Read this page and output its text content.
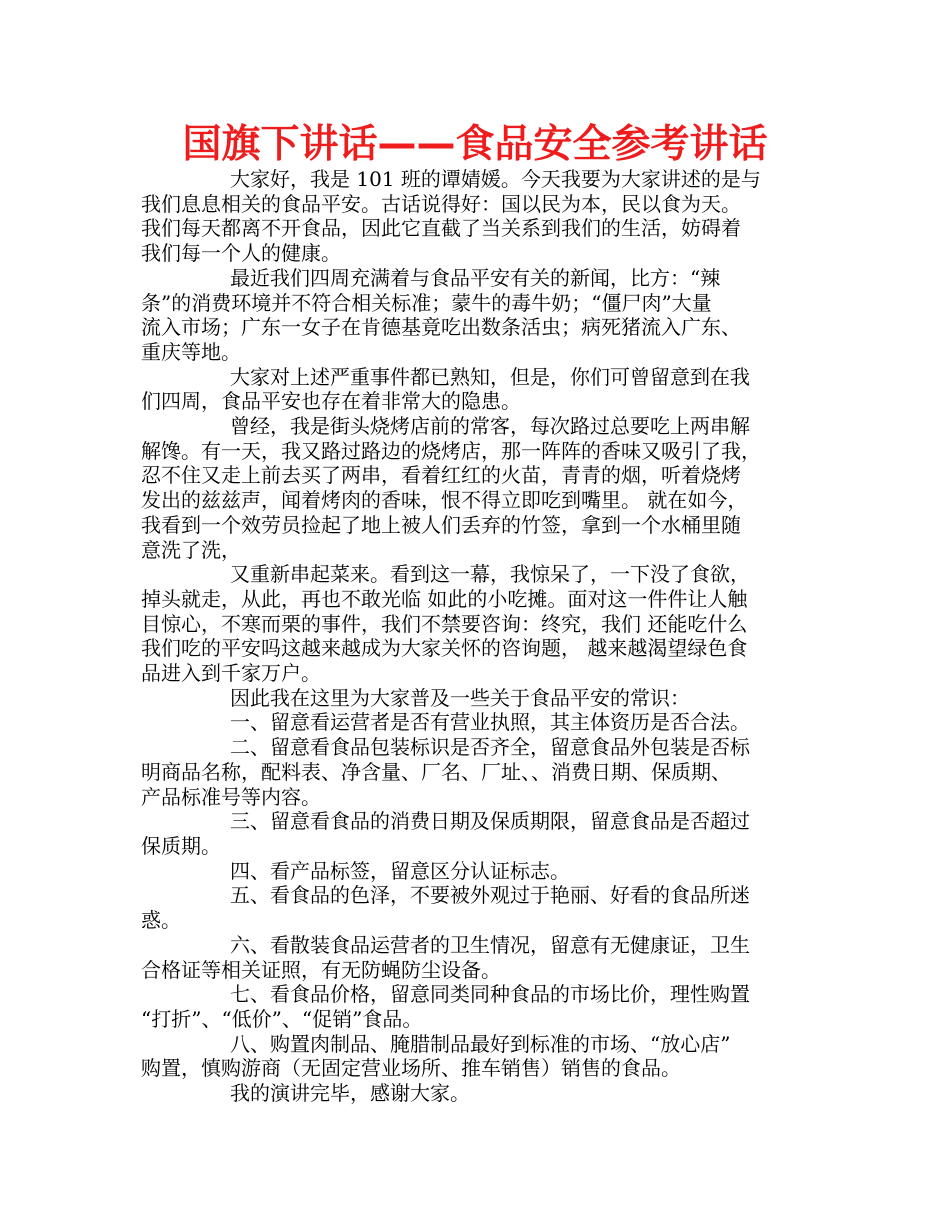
国旗下讲话——食品安全参考讲话

大家好，我是 101 班的谭婧媛。今天我要为大家讲述的是与
我们息息相关的食品平安。古话说得好：国以民为本，民以食为天。
我们每天都离不开食品，因此它直截了当关系到我们的生活，妨碍着
我们每一个人的健康。

最近我们四周充满着与食品平安有关的新闻，比方：“辣
条”的消费环境并不符合相关标准；蒙牛的毒牛奶；“僵尸肉”大量
流入市场；广东一女子在肯德基竟吃出数条活虫；病死猪流入广东、
重庆等地。

大家对上述严重事件都已熟知，但是，你们可曾留意到在我
们四周，食品平安也存在着非常大的隐患。

曾经，我是街头烧烤店前的常客，每次路过总要吃上两串解
解馋。有一天，我又路过路边的烧烤店，那一阵阵的香味又吸引了我，
忍不住又走上前去买了两串，看着红红的火苗，青青的烟，听着烧烤
发出的兹兹声，闻着烤肉的香味，恨不得立即吃到嘴里。 就在如今，
我看到一个效劳员捡起了地上被人们丢弃的竹签，拿到一个水桶里随
意洗了洗，

又重新串起菜来。看到这一幕，我惊呆了，一下没了食欲，
掉头就走，从此，再也不敢光临 如此的小吃摊。面对这一件件让人触
目惊心，不寒而栗的事件，我们不禁要咨询：终究，我们 还能吃什么
我们吃的平安吗这越来越成为大家关怀的咨询题， 越来越渴望绿色食
品进入到千家万户。

因此我在这里为大家普及一些关于食品平安的常识：

一、留意看运营者是否有营业执照，其主体资历是否合法。

二、留意看食品包装标识是否齐全，留意食品外包装是否标
明商品名称，配料表、净含量、厂名、厂址、、消费日期、保质期、
产品标准号等内容。

三、留意看食品的消费日期及保质期限，留意食品是否超过
保质期。

四、看产品标签，留意区分认证标志。

五、看食品的色泽，不要被外观过于艳丽、好看的食品所迷
惑。

六、看散装食品运营者的卫生情况，留意有无健康证，卫生
合格证等相关证照，有无防蝇防尘设备。

七、看食品价格，留意同类同种食品的市场比价，理性购置
“打折”、“低价”、“促销”食品。

八、购置肉制品、腌腊制品最好到标准的市场、“放心店”
购置，慎购游商（无固定营业场所、推车销售）销售的食品。

我的演讲完毕，感谢大家。
